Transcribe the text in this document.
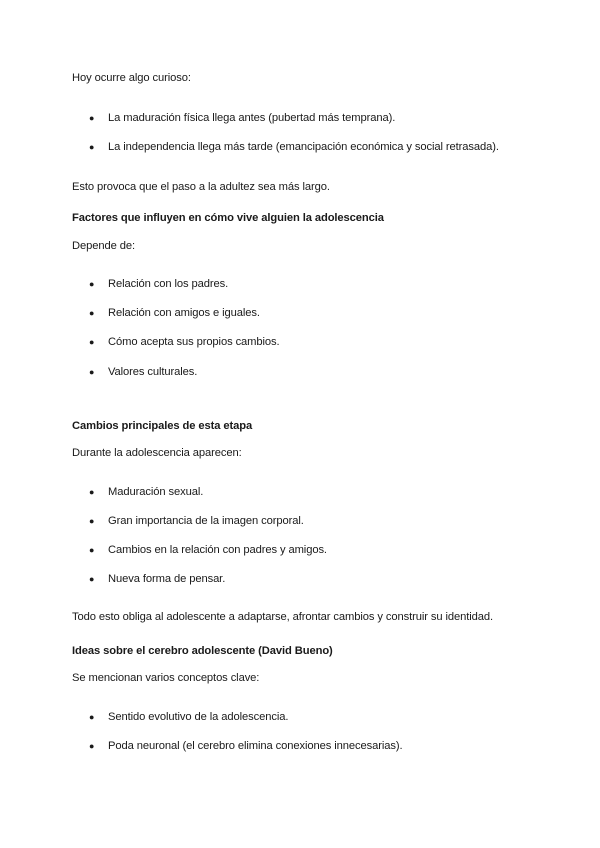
Hoy ocurre algo curioso:
● La maduración física llega antes (pubertad más temprana).
● La independencia llega más tarde (emancipación económica y social retrasada).
Esto provoca que el paso a la adultez sea más largo.
Factores que influyen en cómo vive alguien la adolescencia
Depende de:
● Relación con los padres.
● Relación con amigos e iguales.
● Cómo acepta sus propios cambios.
● Valores culturales.
Cambios principales de esta etapa
Durante la adolescencia aparecen:
● Maduración sexual.
● Gran importancia de la imagen corporal.
● Cambios en la relación con padres y amigos.
● Nueva forma de pensar.
Todo esto obliga al adolescente a adaptarse, afrontar cambios y construir su identidad.
Ideas sobre el cerebro adolescente (David Bueno)
Se mencionan varios conceptos clave:
● Sentido evolutivo de la adolescencia.
● Poda neuronal (el cerebro elimina conexiones innecesarias).
